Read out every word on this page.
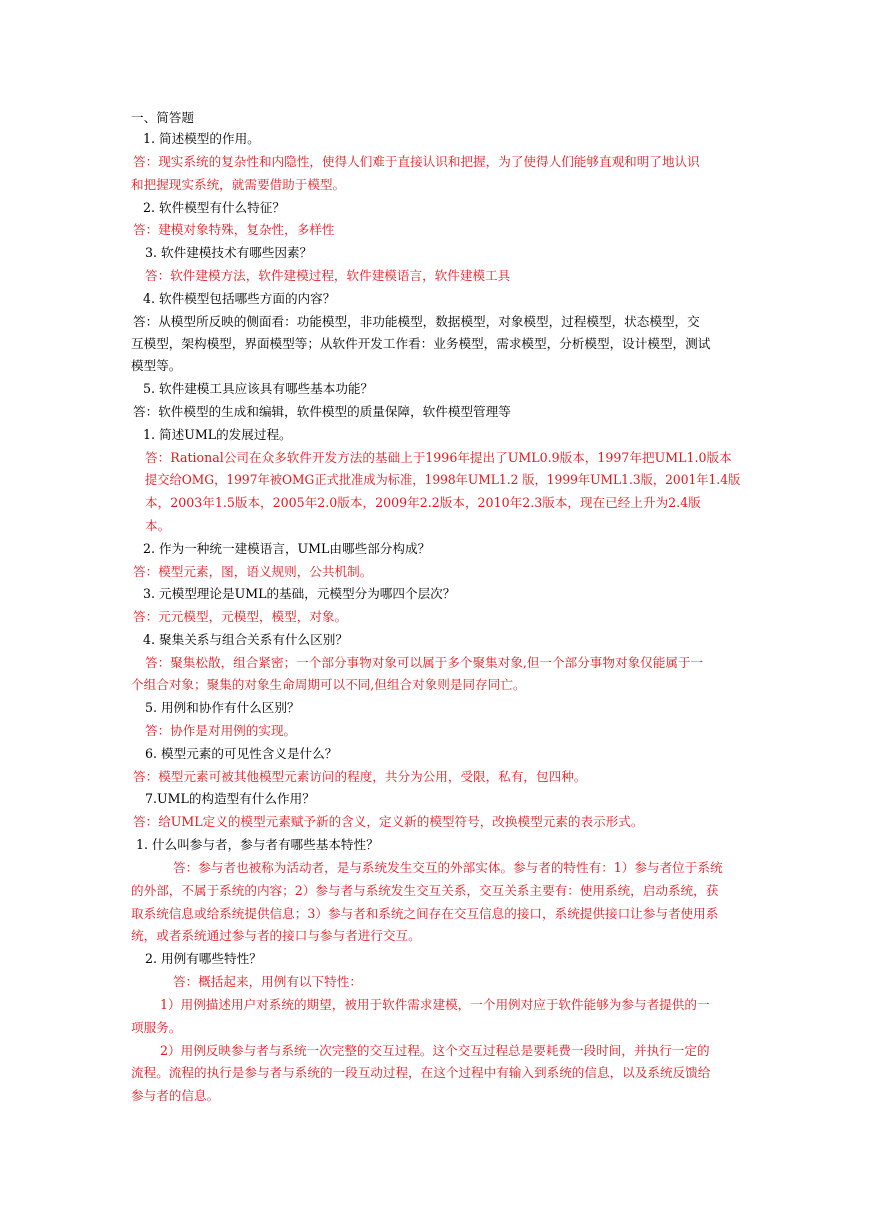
一、简答题

1. 简述模型的作用。

答：现实系统的复杂性和内隐性，使得人们难于直接认识和把握，为了使得人们能够直观和明了地认识

和把握现实系统，就需要借助于模型。

2. 软件模型有什么特征？

答：建模对象特殊，复杂性，多样性

3. 软件建模技术有哪些因素？

答：软件建模方法，软件建模过程，软件建模语言，软件建模工具

4. 软件模型包括哪些方面的内容？

答：从模型所反映的侧面看：功能模型，非功能模型，数据模型，对象模型，过程模型，状态模型，交

互模型，架构模型，界面模型等；从软件开发工作看：业务模型，需求模型，分析模型，设计模型，测试

模型等。

5. 软件建模工具应该具有哪些基本功能？

答：软件模型的生成和编辑，软件模型的质量保障，软件模型管理等

1. 简述UML的发展过程。

答：Rational公司在众多软件开发方法的基础上于1996年提出了UML0.9版本，1997年把UML1.0版本

提交给OMG，1997年被OMG正式批准成为标准，1998年UML1.2 版，1999年UML1.3版，2001年1.4版

本，2003年1.5版本，2005年2.0版本，2009年2.2版本，2010年2.3版本，现在已经上升为2.4版

本。

2. 作为一种统一建模语言，UML由哪些部分构成？

答：模型元素，图，语义规则，公共机制。

3. 元模型理论是UML的基础，元模型分为哪四个层次？

答：元元模型，元模型，模型，对象。

4. 聚集关系与组合关系有什么区别？

答：聚集松散，组合紧密；一个部分事物对象可以属于多个聚集对象,但一个部分事物对象仅能属于一

个组合对象；聚集的对象生命周期可以不同,但组合对象则是同存同亡。

5. 用例和协作有什么区别？

答：协作是对用例的实现。

6. 模型元素的可见性含义是什么？

答：模型元素可被其他模型元素访问的程度，共分为公用，受限，私有，包四种。

7.UML的构造型有什么作用？

答：给UML定义的模型元素赋予新的含义，定义新的模型符号，改换模型元素的表示形式。

1. 什么叫参与者，参与者有哪些基本特性？

答：参与者也被称为活动者，是与系统发生交互的外部实体。参与者的特性有：1）参与者位于系统

的外部，不属于系统的内容；2）参与者与系统发生交互关系，交互关系主要有：使用系统，启动系统，获

取系统信息或给系统提供信息；3）参与者和系统之间存在交互信息的接口，系统提供接口让参与者使用系

统，或者系统通过参与者的接口与参与者进行交互。

2. 用例有哪些特性？

答：概括起来，用例有以下特性：

1）用例描述用户对系统的期望，被用于软件需求建模，一个用例对应于软件能够为参与者提供的一

项服务。

2）用例反映参与者与系统一次完整的交互过程。这个交互过程总是要耗费一段时间，并执行一定的

流程。流程的执行是参与者与系统的一段互动过程，在这个过程中有输入到系统的信息，以及系统反馈给

参与者的信息。
